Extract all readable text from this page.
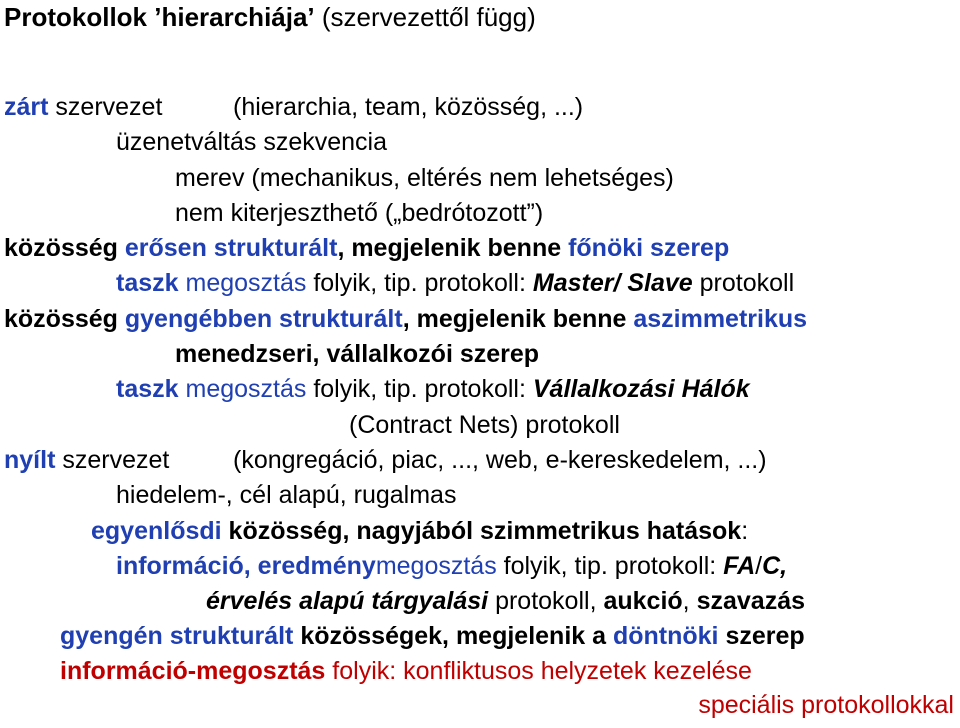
Protokollok ’hierarchiája’ (szervezettől függ)
zárt szervezet	(hierarchia, team, közösség, ...)
üzenetváltás szekvencia
merev (mechanikus, eltérés nem lehetséges)
nem kiterjeszthető („bedrótozott”)
közösség erősen strukturált, megjelenik benne főnöki szerep
taszk megosztás folyik, tip. protokoll: Master/ Slave protokoll
közösség gyengébben strukturált, megjelenik benne aszimmetrikus
menedzseri, vállalkozói szerep
taszk megosztás folyik, tip. protokoll: Vállalkozási Hálók
(Contract Nets) protokoll
nyílt szervezet	(kongregáció, piac, ..., web, e-kereskedelem, ...)
hiedelem-, cél alapú, rugalmas
egyenlősdi közösség, nagyjából szimmetrikus hatások:
információ, eredménymegosztás folyik, tip. protokoll: FA/C,
érvelés alapú tárgyalási protokoll, aukció, szavazás
gyengén strukturált közösségek, megjelenik a döntnöki szerep
információ-megosztás folyik: konfliktusos helyzetek kezelése
speciális protokollokkal
